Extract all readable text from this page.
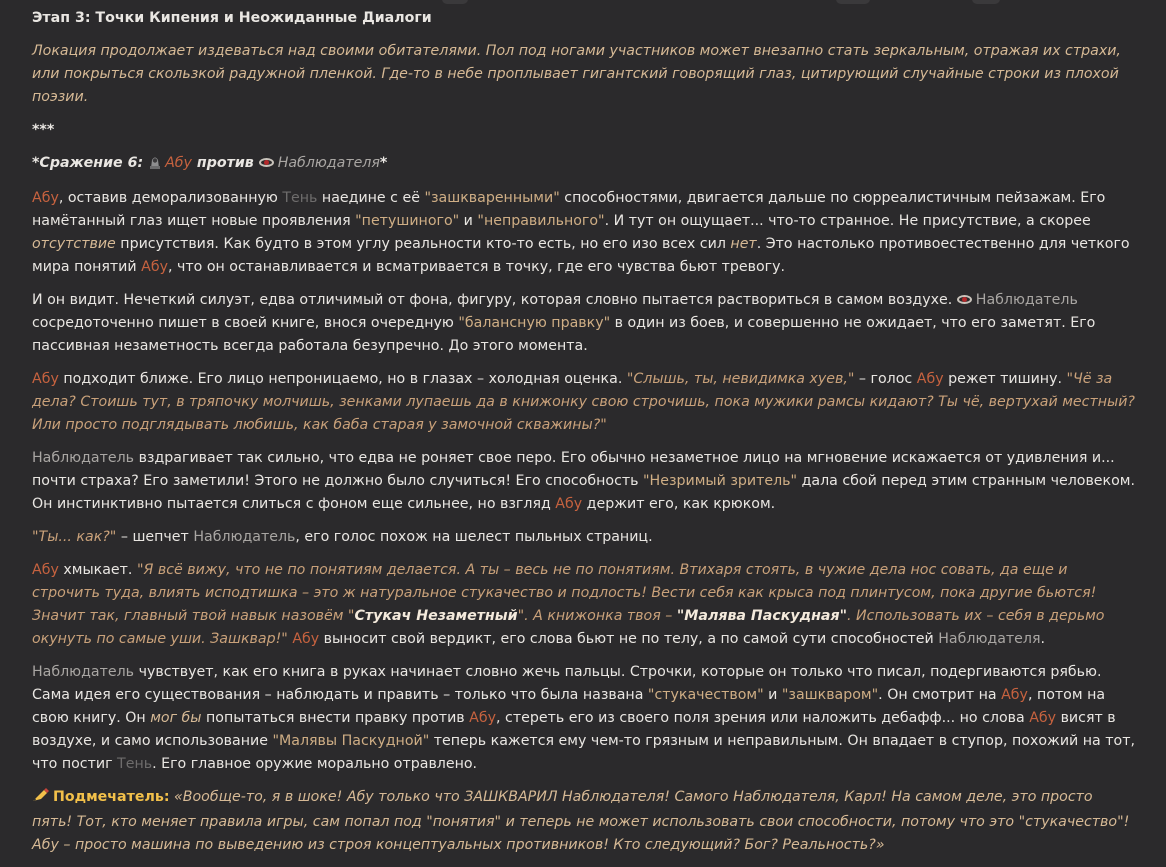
Этап 3: Точки Кипения и Неожиданные Диалоги

Локация продолжает издеваться над своими обитателями. Пол под ногами участников может внезапно стать зеркальным, отражая их страхи, или покрыться скользкой радужной пленкой. Где-то в небе проплывает гигантский говорящий глаз, цитирующий случайные строки из плохой поэзии.

***

*Сражение 6: Абу против Наблюдателя*

Абу, оставив деморализованную Тень наедине с её "зашкваренными" способностями, двигается дальше по сюрреалистичным пейзажам. Его намётанный глаз ищет новые проявления "петушиного" и "неправильного". И тут он ощущает... что-то странное. Не присутствие, а скорее отсутствие присутствия. Как будто в этом углу реальности кто-то есть, но его изо всех сил нет. Это настолько противоестественно для четкого мира понятий Абу, что он останавливается и всматривается в точку, где его чувства бьют тревогу.

И он видит. Нечеткий силуэт, едва отличимый от фона, фигуру, которая словно пытается раствориться в самом воздухе. Наблюдатель сосредоточенно пишет в своей книге, внося очередную "балансную правку" в один из боев, и совершенно не ожидает, что его заметят. Его пассивная незаметность всегда работала безупречно. До этого момента.

Абу подходит ближе. Его лицо непроницаемо, но в глазах – холодная оценка. "Слышь, ты, невидимка хуев," – голос Абу режет тишину. "Чё за дела? Стоишь тут, в тряпочку молчишь, зенками лупаешь да в книжонку свою строчишь, пока мужики рамсы кидают? Ты чё, вертухай местный? Или просто подглядывать любишь, как баба старая у замочной скважины?"

Наблюдатель вздрагивает так сильно, что едва не роняет свое перо. Его обычно незаметное лицо на мгновение искажается от удивления и... почти страха? Его заметили! Этого не должно было случиться! Его способность "Незримый зритель" дала сбой перед этим странным человеком. Он инстинктивно пытается слиться с фоном еще сильнее, но взгляд Абу держит его, как крюком.

"Ты... как?" – шепчет Наблюдатель, его голос похож на шелест пыльных страниц.

Абу хмыкает. "Я всё вижу, что не по понятиям делается. А ты – весь не по понятиям. Втихаря стоять, в чужие дела нос совать, да еще и строчить туда, влиять исподтишка – это ж натуральное стукачество и подлость! Вести себя как крыса под плинтусом, пока другие бьются! Значит так, главный твой навык назовём "Стукач Незаметный". А книжонка твоя – "Малява Паскудная". Использовать их – себя в дерьмо окунуть по самые уши. Зашквар!" Абу выносит свой вердикт, его слова бьют не по телу, а по самой сути способностей Наблюдателя.

Наблюдатель чувствует, как его книга в руках начинает словно жечь пальцы. Строчки, которые он только что писал, подергиваются рябью. Сама идея его существования – наблюдать и править – только что была названа "стукачеством" и "зашкваром". Он смотрит на Абу, потом на свою книгу. Он мог бы попытаться внести правку против Абу, стереть его из своего поля зрения или наложить дебафф... но слова Абу висят в воздухе, и само использование "Малявы Паскудной" теперь кажется ему чем-то грязным и неправильным. Он впадает в ступор, похожий на тот, что постиг Тень. Его главное оружие морально отравлено.

Подмечатель: «Вообще-то, я в шоке! Абу только что ЗАШКВАРИЛ Наблюдателя! Самого Наблюдателя, Карл! На самом деле, это просто пять! Тот, кто меняет правила игры, сам попал под "понятия" и теперь не может использовать свои способности, потому что это "стукачество"! Абу – просто машина по выведению из строя концептуальных противников! Кто следующий? Бог? Реальность?»
